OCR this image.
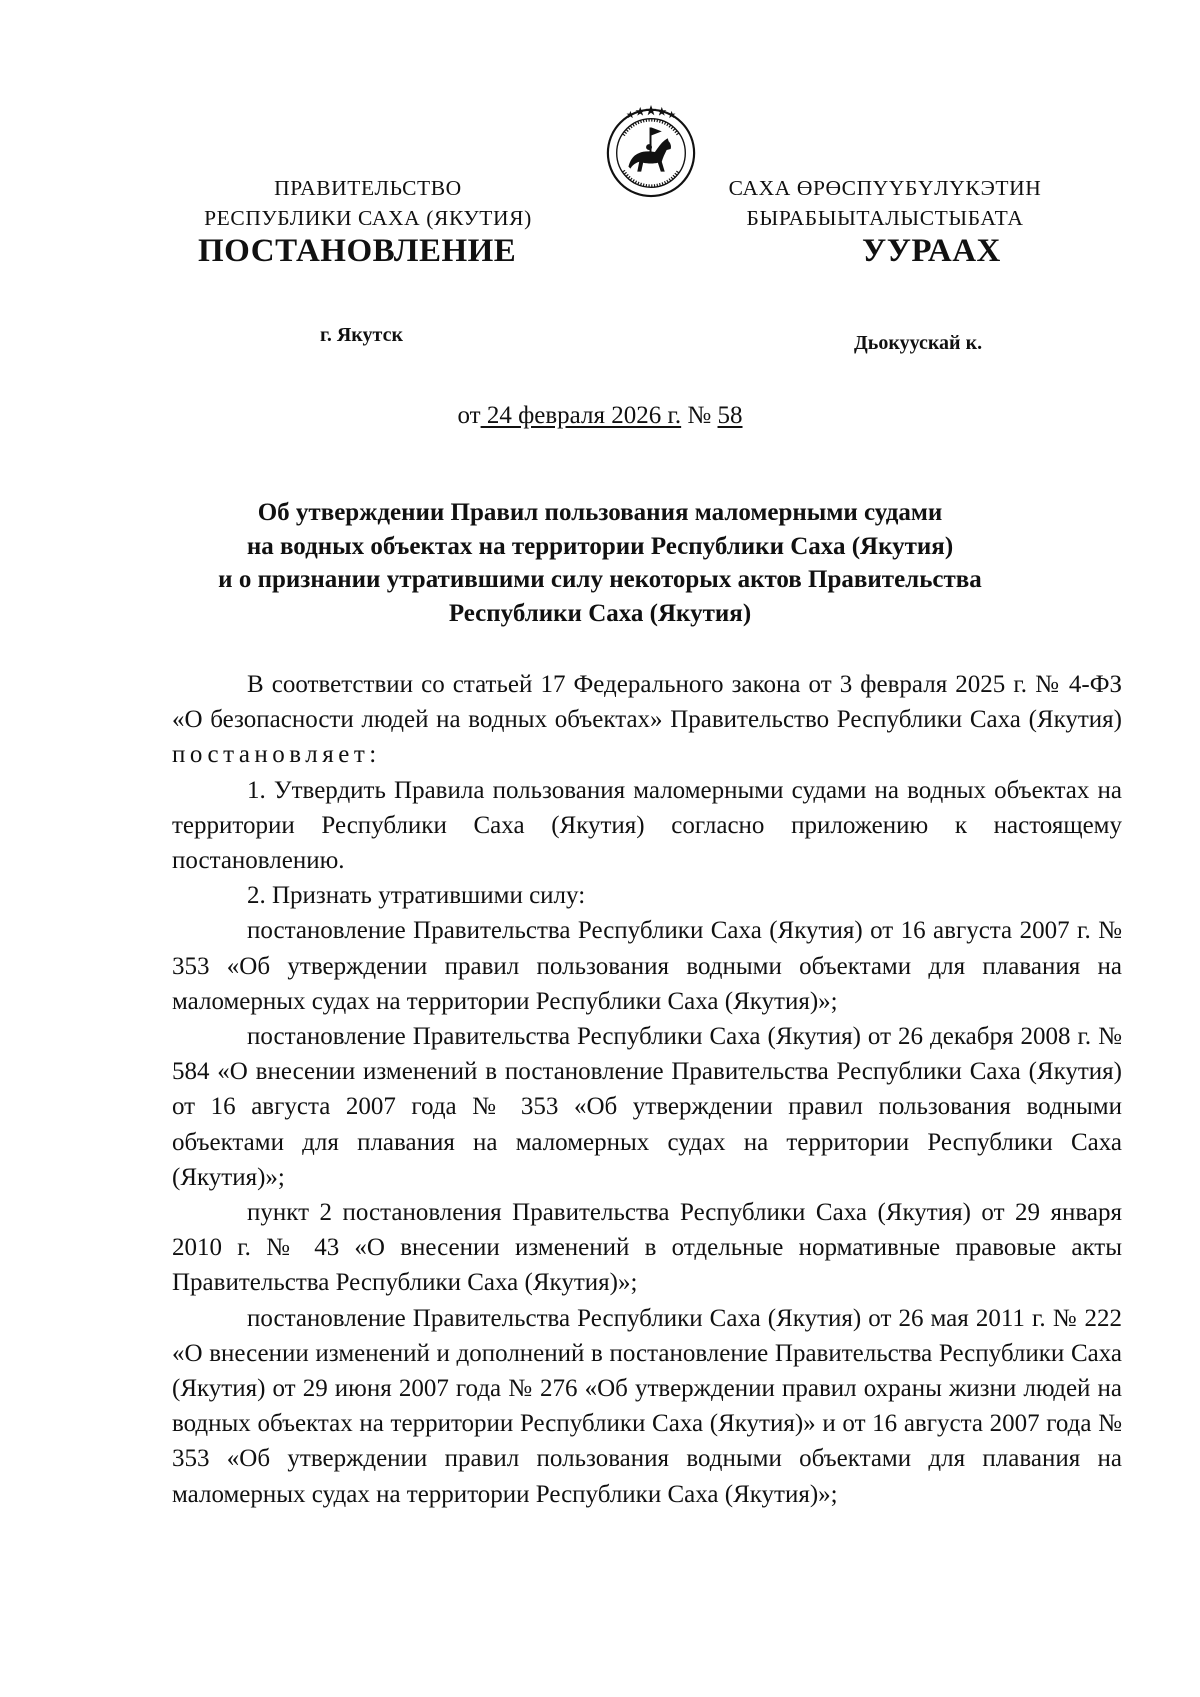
ПРАВИТЕЛЬСТВО
РЕСПУБЛИКИ САХА (ЯКУТИЯ)
САХА ӨРӨСПҮҮБҮЛҮКЭТИН
БЫРАБЫЫТАЛЫСТЫБАТА
ПОСТАНОВЛЕНИЕ	УУРААХ
г. Якутск	Дьокуускай к.
от 24 февраля 2026 г. № 58
Об утверждении Правил пользования маломерными судами
на водных объектах на территории Республики Саха (Якутия)
и о признании утратившими силу некоторых актов Правительства
Республики Саха (Якутия)

В соответствии со статьей 17 Федерального закона от 3 февраля 2025 г. № 4-ФЗ «О безопасности людей на водных объектах» Правительство Республики Саха (Якутия) постановляет:

1. Утвердить Правила пользования маломерными судами на водных объектах на территории Республики Саха (Якутия) согласно приложению к настоящему постановлению.

2. Признать утратившими силу:

постановление Правительства Республики Саха (Якутия) от 16 августа 2007 г. № 353 «Об утверждении правил пользования водными объектами для плавания на маломерных судах на территории Республики Саха (Якутия)»;

постановление Правительства Республики Саха (Якутия) от 26 декабря 2008 г. № 584 «О внесении изменений в постановление Правительства Республики Саха (Якутия) от 16 августа 2007 года № 353 «Об утверждении правил пользования водными объектами для плавания на маломерных судах на территории Республики Саха (Якутия)»;

пункт 2 постановления Правительства Республики Саха (Якутия) от 29 января 2010 г. № 43 «О внесении изменений в отдельные нормативные правовые акты Правительства Республики Саха (Якутия)»;

постановление Правительства Республики Саха (Якутия) от 26 мая 2011 г. № 222 «О внесении изменений и дополнений в постановление Правительства Республики Саха (Якутия) от 29 июня 2007 года № 276 «Об утверждении правил охраны жизни людей на водных объектах на территории Республики Саха (Якутия)» и от 16 августа 2007 года № 353 «Об утверждении правил пользования водными объектами для плавания на маломерных судах на территории Республики Саха (Якутия)»;
